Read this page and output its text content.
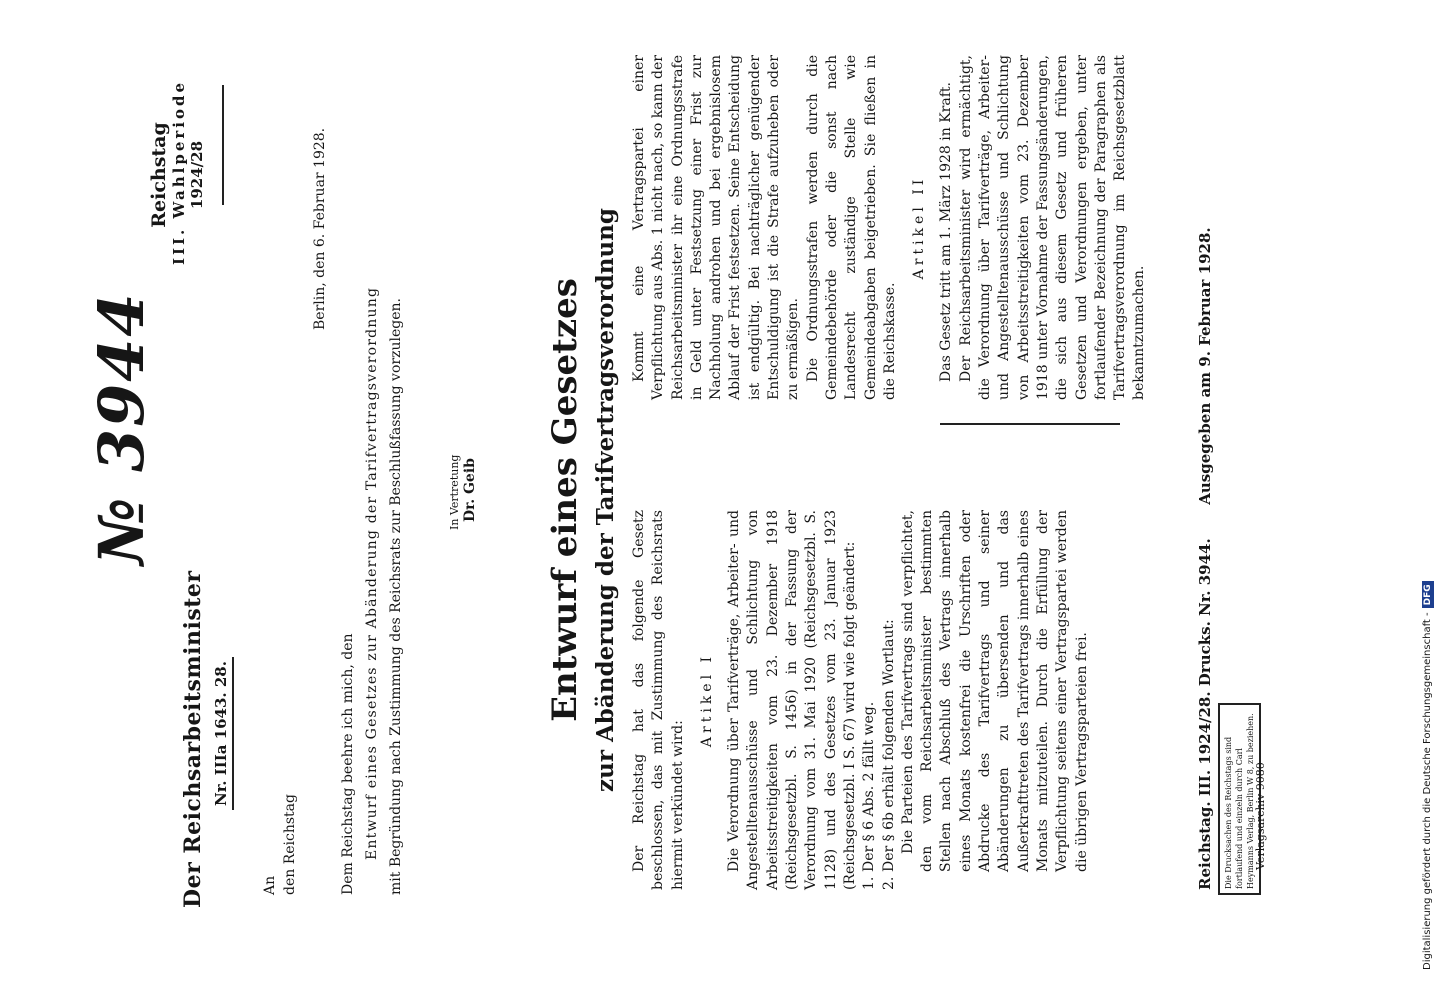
Der Reichsarbeitsminister Nr. IIIa 1643. 28.
№ 3944
Reichstag III. Wahlperiode 1924/28
An den Reichstag
Berlin, den 6. Februar 1928.
Dem Reichstag beehre ich mich, den Entwurf eines Gesetzes zur Abänderung der Tarifvertragsverordnung mit Begründung nach Zustimmung des Reichsrats zur Beschlußfassung vorzulegen.	In Vertretung Dr. Geib Entwurf eines Gesetzes zur Abänderung der Tarifvertragsverordnung Der Reichstag hat das folgende Gesetz beschlossen, das mit Zustimmung des Reichsrats hiermit verkündet wird:

Artikel I Die Verordnung über Tarifverträge, Arbeiter- und Angestelltenausschüsse und Schlichtung von Arbeitsstreitigkeiten vom 23. Dezember 1918 (Reichsgesetzbl. S. 1456) in der Fassung der Verordnung vom 31. Mai 1920 (Reichsgesetzbl. S. 1128) und des Gesetzes vom 23. Januar 1923 (Reichsgesetzbl. I S. 67) wird wie folgt geändert: 1.
Der § 6 Abs. 2 fällt weg.

2.
Der § 6b erhält folgenden Wortlaut: Die Parteien des Tarifvertrags sind verpflichtet, den vom Reichsarbeitsminister bestimmten Stellen nach Abschluß des Vertrags innerhalb eines Monats kostenfrei die Urschriften oder Abdrucke des Tarifvertrags und seiner Abänderungen zu übersenden und das Außerkrafttreten des Tarifvertrags innerhalb eines Monats mitzuteilen. Durch die Erfüllung der Verpflichtung seitens einer Vertragspartei werden die übrigen Vertragsparteien frei.

Kommt eine Vertragspartei einer Verpflichtung aus Abs. 1 nicht nach, so kann der Reichsarbeitsminister ihr eine Ordnungsstrafe in Geld unter Festsetzung einer Frist zur Nachholung androhen und bei ergebnislosem Ablauf der Frist festsetzen. Seine Entscheidung ist endgültig. Bei nachträglicher genügender Entschuldigung ist die Strafe aufzuheben oder zu ermäßigen. Die Ordnungsstrafen werden durch die Gemeindebehörde oder die sonst nach Landesrecht zuständige Stelle wie Gemeindeabgaben beigetrieben. Sie fließen in die Reichskasse.

Artikel II Das Gesetz tritt am 1. März 1928 in Kraft. Der Reichsarbeitsminister wird ermächtigt, die Verordnung über Tarifverträge, Arbeiter- und Angestelltenausschüsse und Schlichtung von Arbeitsstreitigkeiten vom 23. Dezember 1918 unter Vornahme der Fassungsänderungen, die sich aus diesem Gesetz und früheren Gesetzen und Verordnungen ergeben, unter fortlaufender Bezeichnung der Paragraphen als Tarifvertragsverordnung im Reichsgesetzblatt bekanntzumachen.

Reichstag. III. 1924/28. Drucks. Nr. 3944. Ausgegeben am 9. Februar 1928.
Die Drucksachen des Reichstags sind fortlaufend und einzeln durch Carl Heymanns Verlag, Berlin W 8, zu beziehen. Verlagsarchiv 9080	Digitalisierung gefördert durch die Deutsche Forschungsgemeinschaft -DFG
